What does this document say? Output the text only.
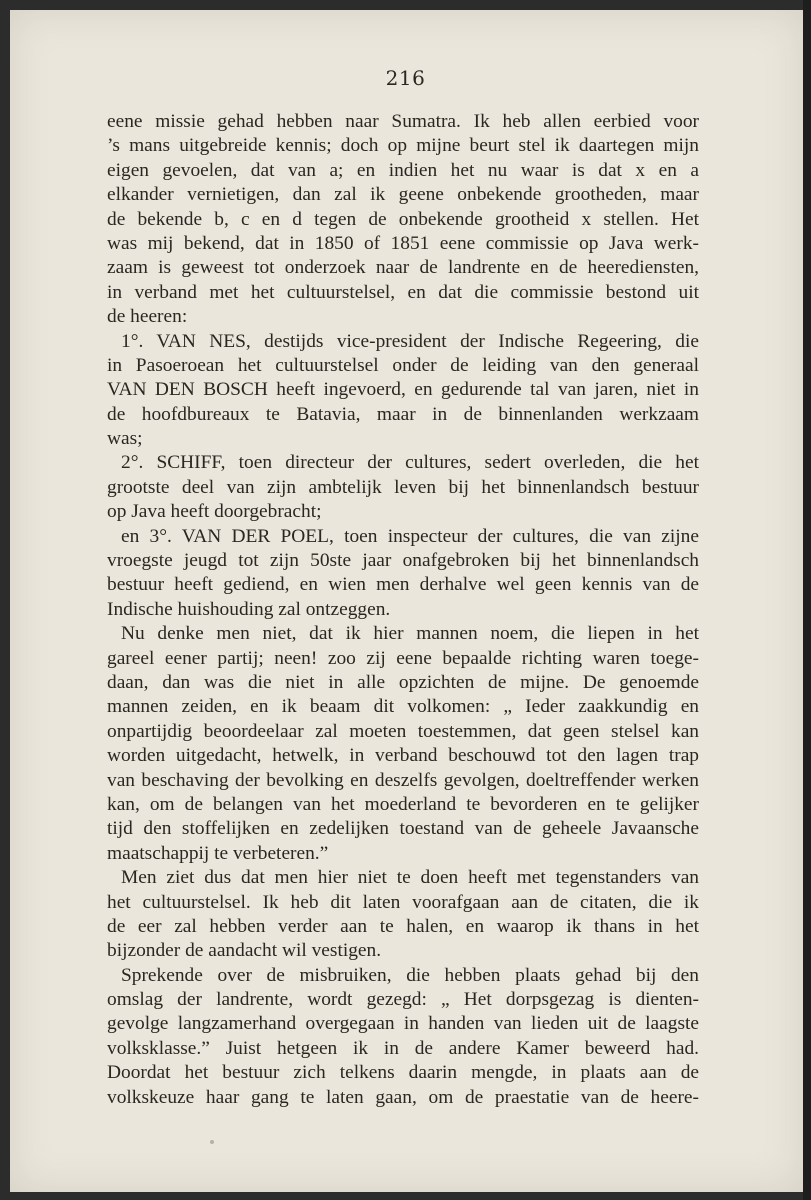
216
eene missie gehad hebben naar Sumatra. Ik heb allen eerbied voor
’s mans uitgebreide kennis; doch op mijne beurt stel ik daartegen mijn
eigen gevoelen, dat van a; en indien het nu waar is dat x en a
elkander vernietigen, dan zal ik geene onbekende grootheden, maar
de bekende b, c en d tegen de onbekende grootheid x stellen. Het
was mij bekend, dat in 1850 of 1851 eene commissie op Java werk-
zaam is geweest tot onderzoek naar de landrente en de heerediensten,
in verband met het cultuurstelsel, en dat die commissie bestond uit
de heeren:
1°. VAN NES, destijds vice-president der Indische Regeering, die
in Pasoeroean het cultuurstelsel onder de leiding van den generaal
VAN DEN BOSCH heeft ingevoerd, en gedurende tal van jaren, niet in
de hoofdbureaux te Batavia, maar in de binnenlanden werkzaam
was;
2°. SCHIFF, toen directeur der cultures, sedert overleden, die het
grootste deel van zijn ambtelijk leven bij het binnenlandsch bestuur
op Java heeft doorgebracht;
en 3°. VAN DER POEL, toen inspecteur der cultures, die van zijne
vroegste jeugd tot zijn 50ste jaar onafgebroken bij het binnenlandsch
bestuur heeft gediend, en wien men derhalve wel geen kennis van de
Indische huishouding zal ontzeggen.
Nu denke men niet, dat ik hier mannen noem, die liepen in het
gareel eener partij; neen! zoo zij eene bepaalde richting waren toege-
daan, dan was die niet in alle opzichten de mijne. De genoemde
mannen zeiden, en ik beaam dit volkomen: „ Ieder zaakkundig en
onpartijdig beoordeelaar zal moeten toestemmen, dat geen stelsel kan
worden uitgedacht, hetwelk, in verband beschouwd tot den lagen trap
van beschaving der bevolking en deszelfs gevolgen, doeltreffender werken
kan, om de belangen van het moederland te bevorderen en te gelijker
tijd den stoffelijken en zedelijken toestand van de geheele Javaansche
maatschappij te verbeteren.”
Men ziet dus dat men hier niet te doen heeft met tegenstanders van
het cultuurstelsel. Ik heb dit laten voorafgaan aan de citaten, die ik
de eer zal hebben verder aan te halen, en waarop ik thans in het
bijzonder de aandacht wil vestigen.
Sprekende over de misbruiken, die hebben plaats gehad bij den
omslag der landrente, wordt gezegd: „ Het dorpsgezag is dienten-
gevolge langzamerhand overgegaan in handen van lieden uit de laagste
volksklasse.” Juist hetgeen ik in de andere Kamer beweerd had.
Doordat het bestuur zich telkens daarin mengde, in plaats aan de
volkskeuze haar gang te laten gaan, om de praestatie van de heere-
